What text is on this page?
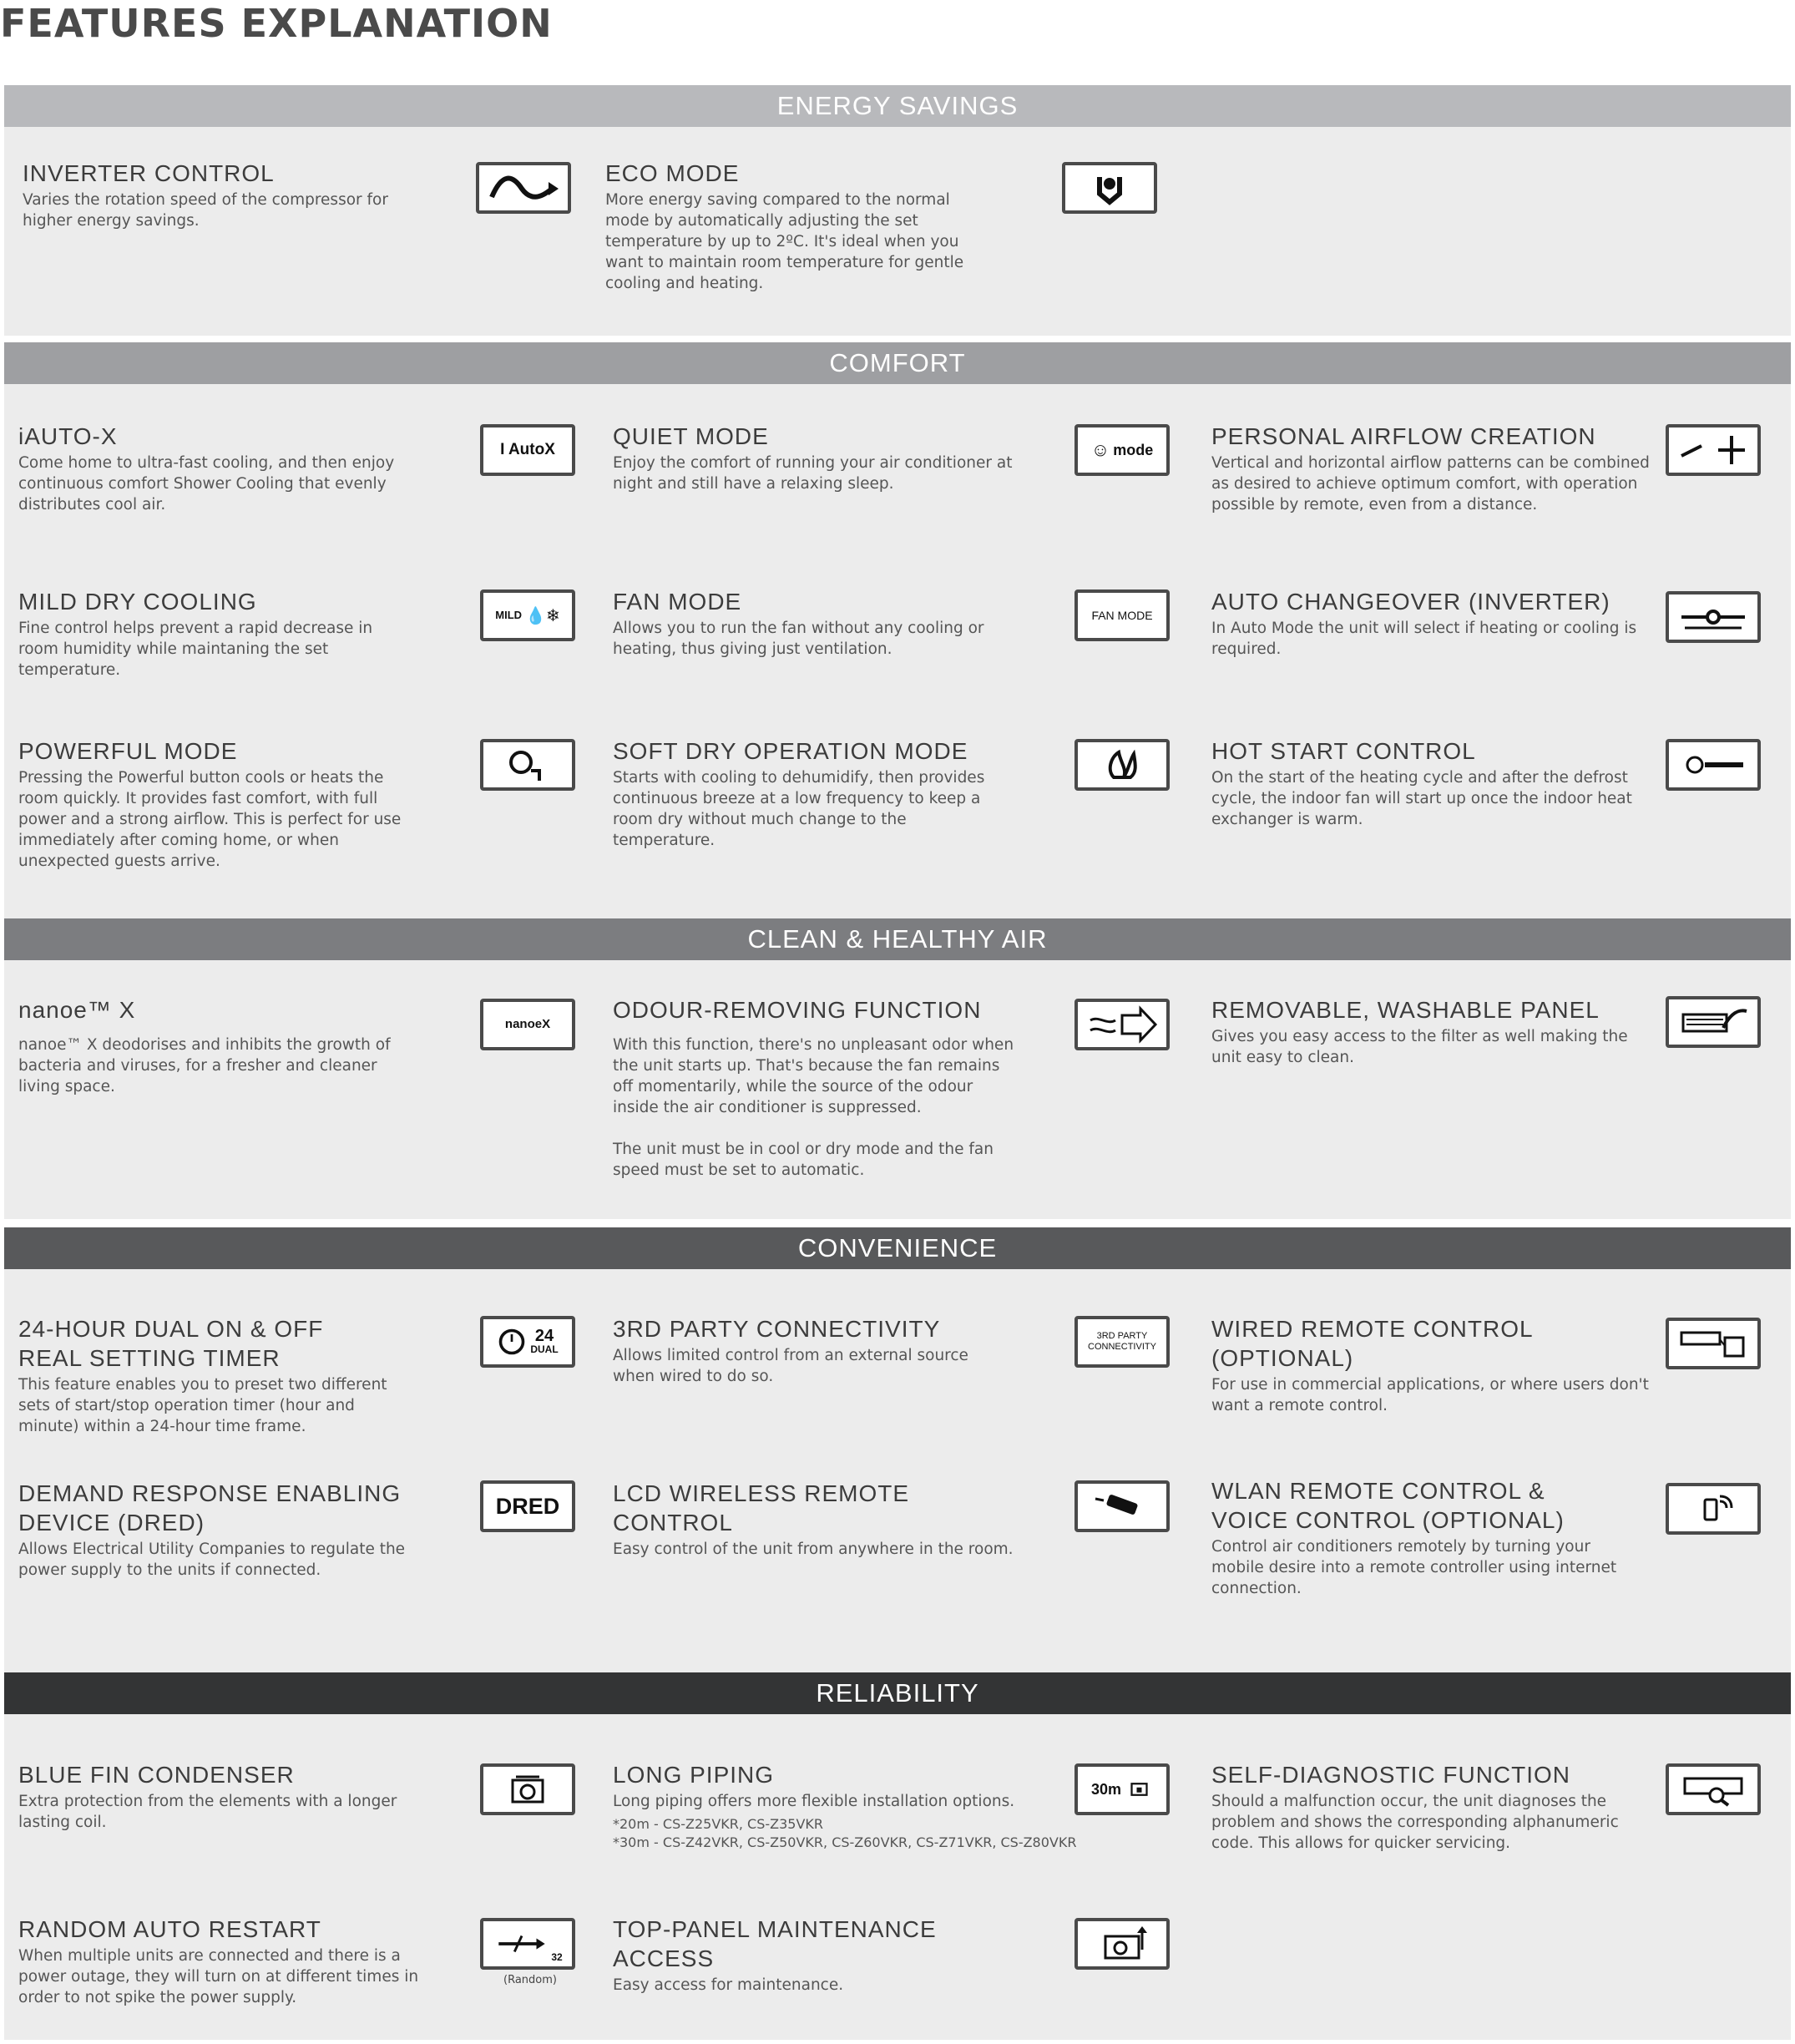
FEATURES EXPLANATION
ENERGY SAVINGS
INVERTER CONTROL
Varies the rotation speed of the compressor for higher energy savings.
ECO MODE
More energy saving compared to the normal mode by automatically adjusting the set temperature by up to 2ºC. It's ideal when you want to maintain room temperature for gentle cooling and heating.
COMFORT
iAUTO-X
Come home to ultra-fast cooling, and then enjoy continuous comfort Shower Cooling that evenly distributes cool air.
I AutoX
QUIET MODE
Enjoy the comfort of running your air conditioner at night and still have a relaxing sleep.
☺ mode
PERSONAL AIRFLOW CREATION
Vertical and horizontal airflow patterns can be combined as desired to achieve optimum comfort, with operation possible by remote, even from a distance.
MILD DRY COOLING
Fine control helps prevent a rapid decrease in room humidity while maintaning the set temperature.
MILD 💧❄
FAN MODE
Allows you to run the fan without any cooling or heating, thus giving just ventilation.
FAN MODE
AUTO CHANGEOVER (INVERTER)
In Auto Mode the unit will select if heating or cooling is required.
POWERFUL MODE
Pressing the Powerful button cools or heats the room quickly. It provides fast comfort, with full power and a strong airflow. This is perfect for use immediately after coming home, or when unexpected guests arrive.
SOFT DRY OPERATION MODE
Starts with cooling to dehumidify, then provides continuous breeze at a low frequency to keep a room dry without much change to the temperature.
HOT START CONTROL
On the start of the heating cycle and after the defrost cycle, the indoor fan will start up once the indoor heat exchanger is warm.
CLEAN & HEALTHY AIR
nanoe™ X
nanoe™ X deodorises and inhibits the growth of bacteria and viruses, for a fresher and cleaner living space.
nanoeX
ODOUR-REMOVING FUNCTION
With this function, there's no unpleasant odor when the unit starts up. That's because the fan remains off momentarily, while the source of the odour inside the air conditioner is suppressed.
The unit must be in cool or dry mode and the fan speed must be set to automatic.
REMOVABLE, WASHABLE PANEL
Gives you easy access to the filter as well making the unit easy to clean.
CONVENIENCE
24-HOUR DUAL ON & OFF
REAL SETTING TIMER
This feature enables you to preset two different sets of start/stop operation timer (hour and minute) within a 24-hour time frame.
24
DUAL
3RD PARTY CONNECTIVITY
Allows limited control from an external source when wired to do so.
3RD PARTY
CONNECTIVITY
WIRED REMOTE CONTROL (OPTIONAL)
For use in commercial applications, or where users don't want a remote control.
DEMAND RESPONSE ENABLING
DEVICE (DRED)
Allows Electrical Utility Companies to regulate the power supply to the units if connected.
DRED LCD WIRELESS REMOTE CONTROL
Easy control of the unit from anywhere in the room.
WLAN REMOTE CONTROL &
VOICE CONTROL (OPTIONAL)
Control air conditioners remotely by turning your mobile desire into a remote controller using internet connection.
RELIABILITY
BLUE FIN CONDENSER
Extra protection from the elements with a longer lasting coil.
LONG PIPING
Long piping offers more flexible installation options.
*20m - CS-Z25VKR, CS-Z35VKR
*30m - CS-Z42VKR, CS-Z50VKR, CS-Z60VKR, CS-Z71VKR, CS-Z80VKR
30m
SELF-DIAGNOSTIC FUNCTION
Should a malfunction occur, the unit diagnoses the problem and shows the corresponding alphanumeric code. This allows for quicker servicing.
RANDOM AUTO RESTART
When multiple units are connected and there is a power outage, they will turn on at different times in order to not spike the power supply.
32
(Random)
TOP-PANEL MAINTENANCE ACCESS
Easy access for maintenance.
